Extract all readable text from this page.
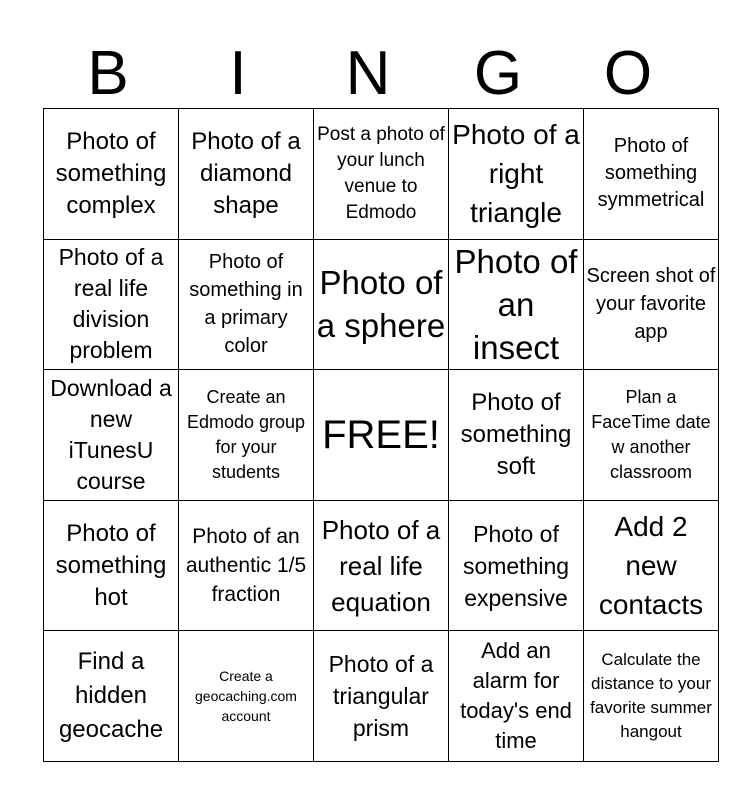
B	I	N	G	O
Photo of something complex	Photo of a diamond shape	Post a photo of your lunch venue to Edmodo	Photo of a right triangle	Photo of something symmetrical

Photo of a real life division problem	Photo of something in a primary color	Photo of a sphere	Photo of an insect	Screen shot of your favorite app

Download a new iTunesU course	Create an Edmodo group for your students	FREE!	Photo of something soft	Plan a FaceTime date w another classroom

Photo of something hot	Photo of an authentic 1/5 fraction	Photo of a real life equation	Photo of something expensive	Add 2 new contacts

Find a hidden geocache	Create a geocaching.com account	Photo of a triangular prism	Add an alarm for today's end time	Calculate the distance to your favorite summer hangout
